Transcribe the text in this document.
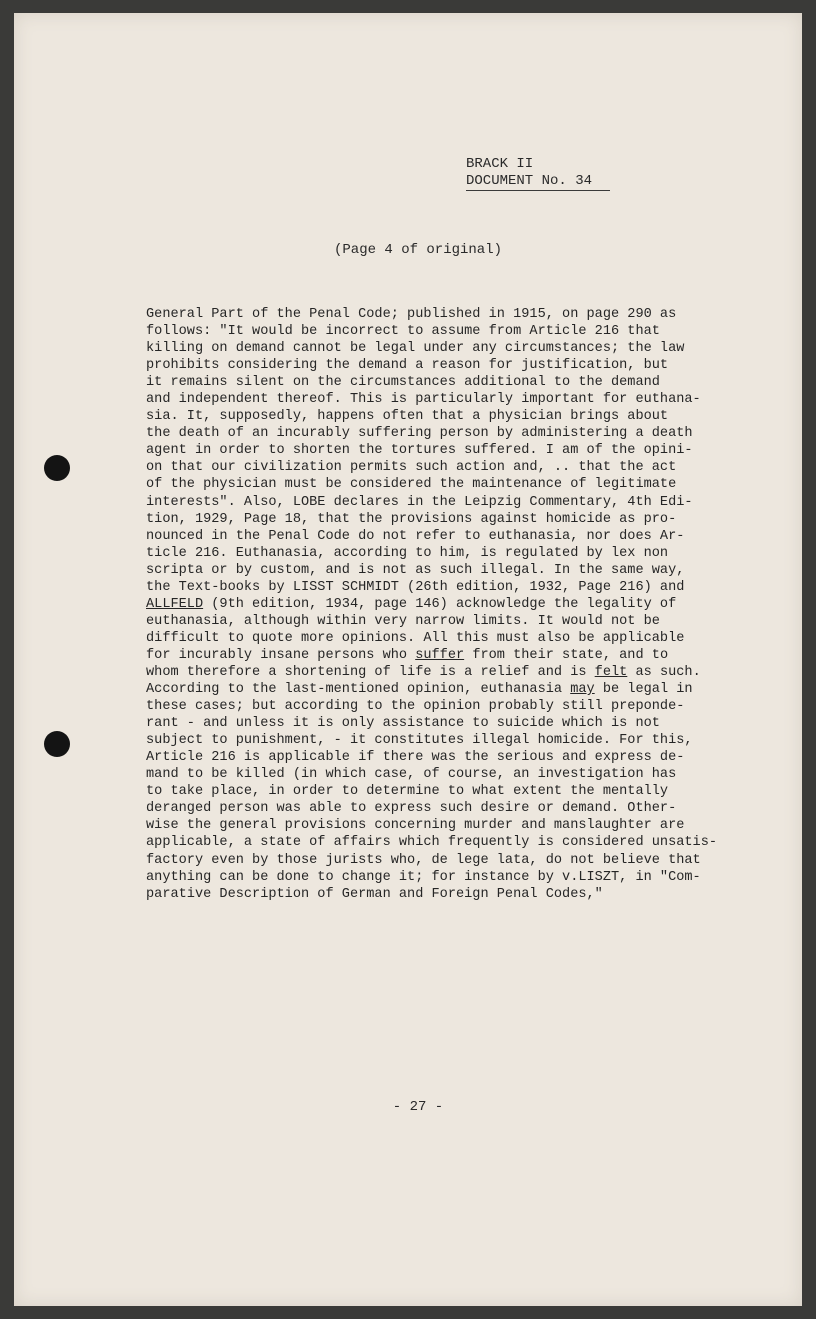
BRACK II
DOCUMENT No. 34
(Page 4 of original)
General Part of the Penal Code; published in 1915, on page 290 as
follows: "It would be incorrect to assume from Article 216 that
killing on demand cannot be legal under any circumstances; the law
prohibits considering the demand a reason for justification, but
it remains silent on the circumstances additional to the demand
and independent thereof. This is particularly important for euthana-
sia. It, supposedly, happens often that a physician brings about
the death of an incurably suffering person by administering a death
agent in order to shorten the tortures suffered. I am of the opini-
on that our civilization permits such action and, .. that the act
of the physician must be considered the maintenance of legitimate
interests". Also, LOBE declares in the Leipzig Commentary, 4th Edi-
tion, 1929, Page 18, that the provisions against homicide as pro-
nounced in the Penal Code do not refer to euthanasia, nor does Ar-
ticle 216. Euthanasia, according to him, is regulated by lex non
scripta or by custom, and is not as such illegal. In the same way,
the Text-books by LISST SCHMIDT (26th edition, 1932, Page 216) and
ALLFELD (9th edition, 1934, page 146) acknowledge the legality of
euthanasia, although within very narrow limits. It would not be
difficult to quote more opinions. All this must also be applicable
for incurably insane persons who suffer from their state, and to
whom therefore a shortening of life is a relief and is felt as such.
According to the last-mentioned opinion, euthanasia may be legal in
these cases; but according to the opinion probably still preponde-
rant - and unless it is only assistance to suicide which is not
subject to punishment, - it constitutes illegal homicide. For this,
Article 216 is applicable if there was the serious and express de-
mand to be killed (in which case, of course, an investigation has
to take place, in order to determine to what extent the mentally
deranged person was able to express such desire or demand. Other-
wise the general provisions concerning murder and manslaughter are
applicable, a state of affairs which frequently is considered unsatis-
factory even by those jurists who, de lege lata, do not believe that
anything can be done to change it; for instance by v.LISZT, in "Com-
parative Description of German and Foreign Penal Codes,"
- 27 -
